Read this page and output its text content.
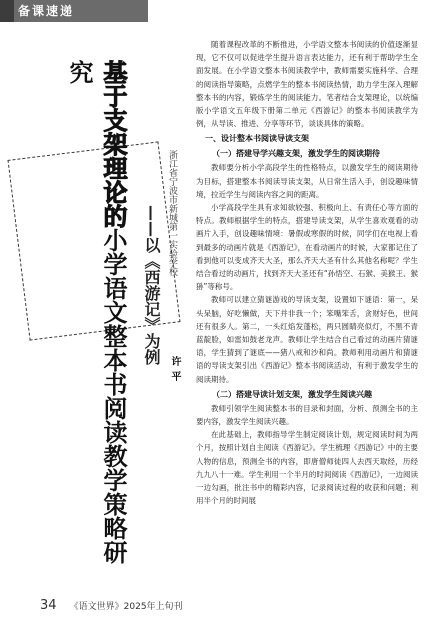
备课速递
基于支架理论的小学语文整本书阅读教学策略研究
——以《西游记》为例 浙江省宁波市新城第一实验学校
许平

随着课程改革的不断推进，小学语文整本书阅读的价值逐渐显现，它不仅可以促进学生提升语言表达能力，还有利于帮助学生全面发展。在小学语文整本书阅读教学中，教师需要实施科学、合理的阅读指导策略，点燃学生的整本书阅读热情，助力学生深入理解整本书的内容，锻炼学生的阅读能力。笔者结合支架理论，以统编版小学语文五年级下册第二单元《西游记》的整本书阅读教学为例，从导读、推进、分享等环节，谈谈具体的策略。

一、设计整本书阅读导读支架
（一）搭建导学兴趣支架，激发学生的阅读期待

教师要分析小学高段学生的性格特点，以激发学生的阅读期待为目标，搭建整本书阅读导读支架，从日常生活入手，创设趣味情境，拉近学生与阅读内容之间的距离。

小学高段学生具有求知欲较强、积极向上、有责任心等方面的特点。教师根据学生的特点，搭建导读支架，从学生喜欢观看的动画片入手，创设趣味情境：暑假或寒假的时候，同学们在电视上看到最多的动画片就是《西游记》，在看动画片的时候，大家都记住了看到他可以变成齐天大圣，那么齐天大圣有什么其他名称呢？学生结合看过的动画片，找到齐天大圣还有“孙悟空、石猴、美猴王、猴狲”等称号。

教师可以建立猜谜游戏的导读支架，设置如下谜语：第一，呆头呆脑，好吃懒做，天下并非我一个；笨嘴笨舌，贪财好色，世间还有很多人。第二，一头红焰发蓬松，两只圆睛亮似灯，不黑不青蓝靛脸，如雷如鼓老龙声。教师让学生结合自己看过的动画片猜谜语，学生猜到了谜底——猪八戒和沙和尚。教师利用动画片和猜谜语的导读支架引出《西游记》整本书阅读活动，有利于激发学生的阅读期待。

（二）搭建导读计划支架，激发学生阅读兴趣

教师引领学生阅读整本书的目录和封面，分析、预测全书的主要内容，激发学生阅读兴趣。

在此基础上，教师指导学生制定阅读计划，规定阅读时间为两个月，按照计划自主阅读《西游记》。学生梳理《西游记》中的主要人物的信息，预测全书的内容，即唐僧师徒四人去西天取经，历经九九八十一难。学生利用一个半月的时间阅读《西游记》，一边阅读一边勾画，批注书中的精彩内容，记录阅读过程的收获和问题；利用半个月的时间展

34 《语文世界》2025年上旬刊
